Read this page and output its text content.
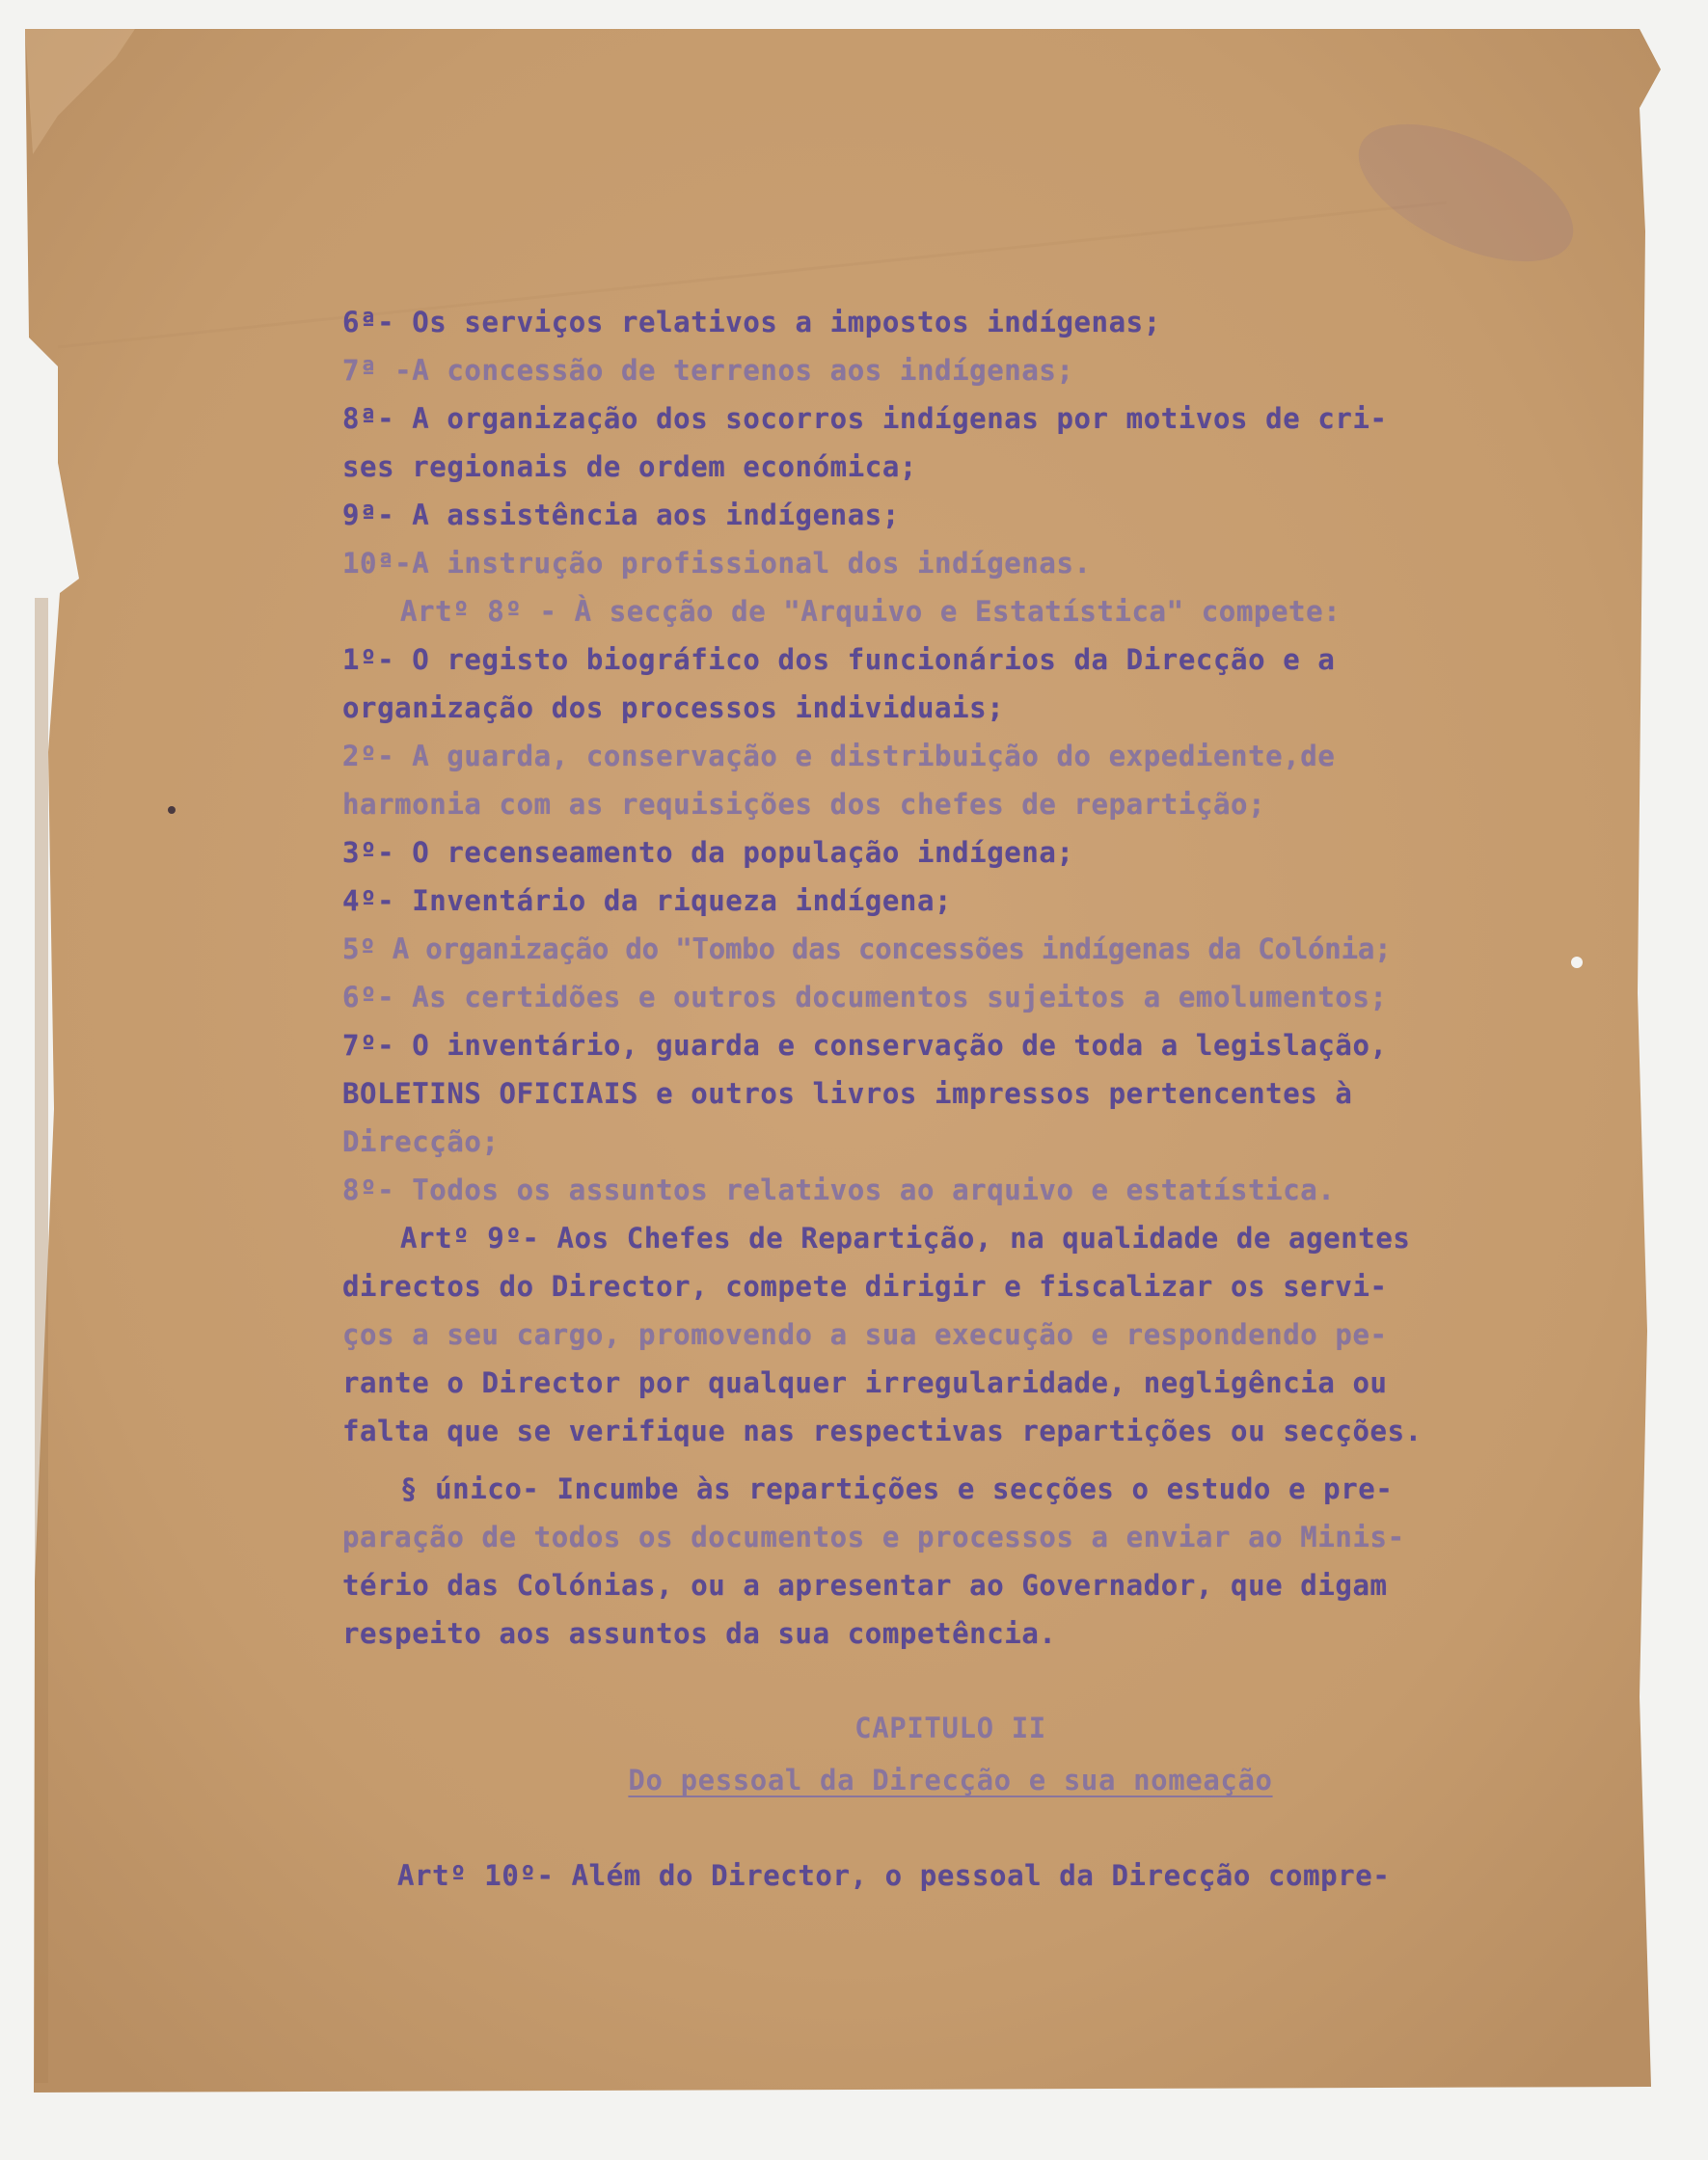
6ª- Os serviços relativos a impostos indígenas;
7ª -A concessão de terrenos aos indígenas;
8ª- A organização dos socorros indígenas por motivos de cri-
ses regionais de ordem económica;
9ª- A assistência aos indígenas;
10ª-A instrução profissional dos indígenas.
Artº 8º - À secção de "Arquivo e Estatística" compete:
1º- O registo biográfico dos funcionários da Direcção e a
organização dos processos individuais;
2º- A guarda, conservação e distribuição do expediente,de
harmonia com as requisições dos chefes de repartição;
3º- O recenseamento da população indígena;
4º- Inventário da riqueza indígena;
5º A organização do "Tombo das concessões indígenas da Colónia;
6º- As certidões e outros documentos sujeitos a emolumentos;
7º- O inventário, guarda e conservação de toda a legislação,
BOLETINS OFICIAIS e outros livros impressos pertencentes à
Direcção;
8º- Todos os assuntos relativos ao arquivo e estatística.
Artº 9º- Aos Chefes de Repartição, na qualidade de agentes
directos do Director, compete dirigir e fiscalizar os servi-
ços a seu cargo, promovendo a sua execução e respondendo pe-
rante o Director por qualquer irregularidade, negligência ou
falta que se verifique nas respectivas repartições ou secções.
§ único- Incumbe às repartições e secções o estudo e pre-
paração de todos os documentos e processos a enviar ao Minis-
tério das Colónias, ou a apresentar ao Governador, que digam
respeito aos assuntos da sua competência.
CAPITULO II
Do pessoal da Direcção e sua nomeação
Artº 10º- Além do Director, o pessoal da Direcção compre-
